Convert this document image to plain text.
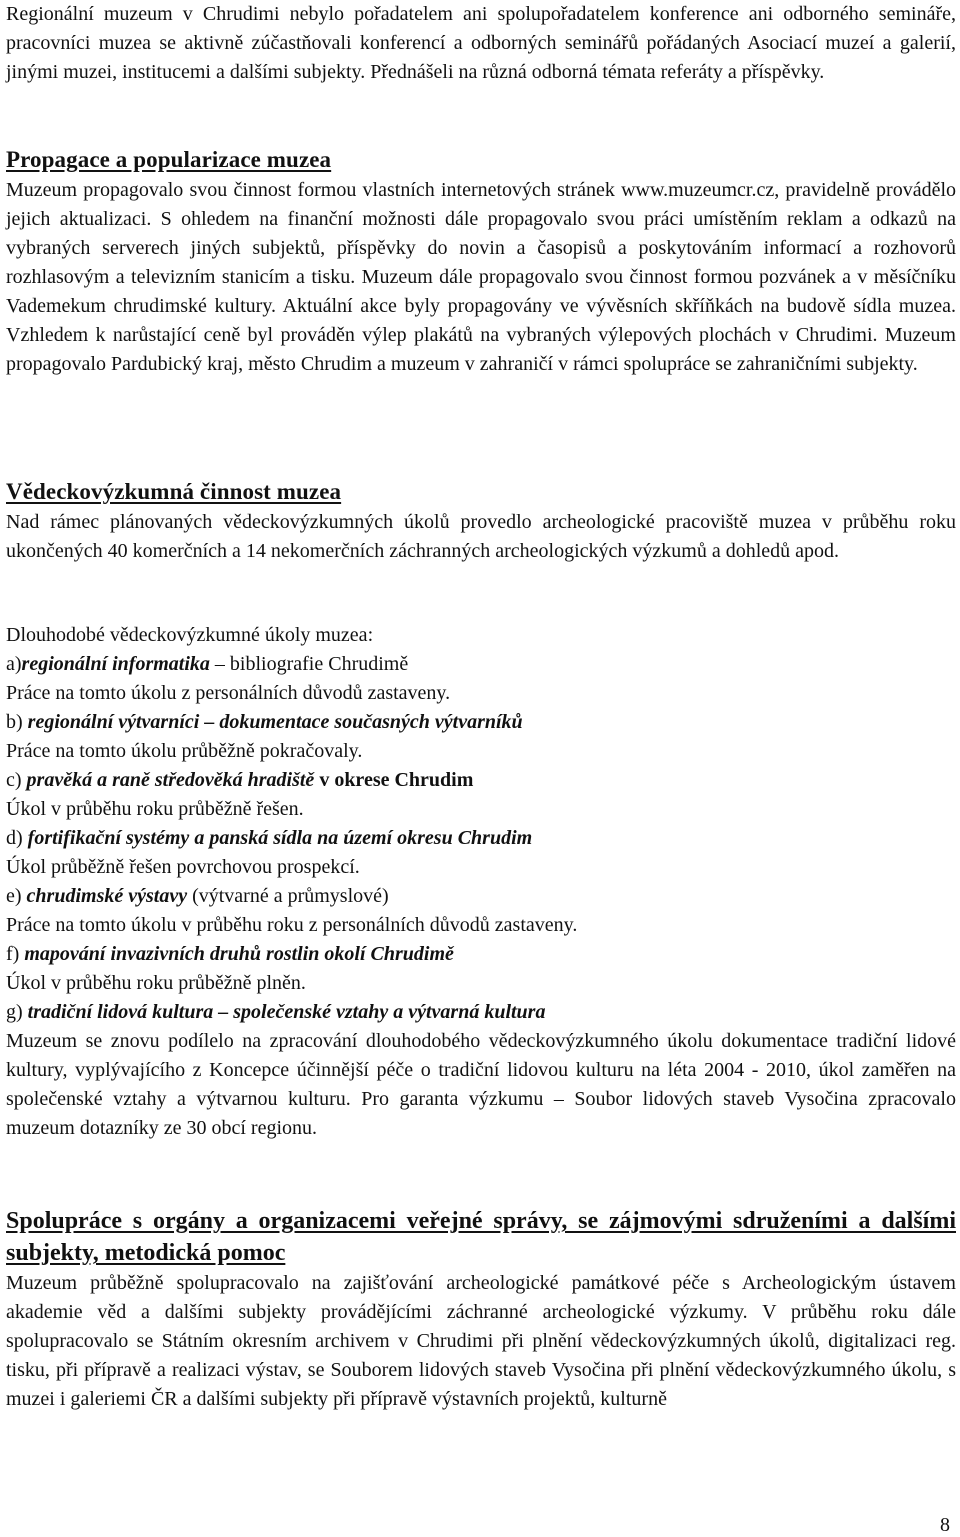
Regionální muzeum v Chrudimi nebylo pořadatelem ani spolupořadatelem konference ani odborného semináře, pracovníci muzea se aktivně zúčastňovali konferencí a odborných seminářů pořádaných Asociací muzeí a galerií, jinými muzei, institucemi a dalšími subjekty. Přednášeli na různá odborná témata referáty a příspěvky.

Propagace a popularizace muzea

Muzeum propagovalo svou činnost formou vlastních internetových stránek www.muzeumcr.cz, pravidelně provádělo jejich aktualizaci. S ohledem na finanční možnosti dále propagovalo svou práci umístěním reklam a odkazů na vybraných serverech jiných subjektů, příspěvky do novin a časopisů a poskytováním informací a rozhovorů rozhlasovým a televizním stanicím a tisku. Muzeum dále propagovalo svou činnost formou pozvánek a v měsíčníku Vademekum chrudimské kultury. Aktuální akce byly propagovány ve vývěsních skříňkách na budově sídla muzea. Vzhledem k narůstající ceně byl prováděn výlep plakátů na vybraných výlepových plochách v Chrudimi. Muzeum propagovalo Pardubický kraj, město Chrudim a muzeum v zahraničí v rámci spolupráce se zahraničními subjekty.

Vědeckovýzkumná činnost muzea

Nad rámec plánovaných vědeckovýzkumných úkolů provedlo archeologické pracoviště muzea v průběhu roku ukončených 40 komerčních a 14 nekomerčních záchranných archeologických výzkumů a dohledů apod.

Dlouhodobé vědeckovýzkumné úkoly muzea:
a)regionální informatika – bibliografie Chrudimě
Práce na tomto úkolu z personálních důvodů zastaveny.
b) regionální výtvarníci – dokumentace současných výtvarníků
Práce na tomto úkolu průběžně pokračovaly.
c) pravěká a raně středověká hradiště v okrese Chrudim
Úkol v průběhu roku průběžně řešen.
d) fortifikační systémy a panská sídla na území okresu Chrudim
Úkol průběžně řešen povrchovou prospekcí.
e) chrudimské výstavy (výtvarné a průmyslové)
Práce na tomto úkolu v průběhu roku z personálních důvodů zastaveny.
f) mapování invazivních druhů rostlin okolí Chrudimě
Úkol v průběhu roku průběžně plněn.
g) tradiční lidová kultura – společenské vztahy a výtvarná kultura

Muzeum se znovu podílelo na zpracování dlouhodobého vědeckovýzkumného úkolu dokumentace tradiční lidové kultury, vyplývajícího z Koncepce účinnější péče o tradiční lidovou kulturu na léta 2004 - 2010, úkol zaměřen na společenské vztahy a výtvarnou kulturu. Pro garanta výzkumu – Soubor lidových staveb Vysočina zpracovalo muzeum dotazníky ze 30 obcí regionu.

Spolupráce s orgány a organizacemi veřejné správy, se zájmovými sdruženími a dalšími subjekty, metodická pomoc

Muzeum průběžně spolupracovalo na zajišťování archeologické památkové péče s Archeologickým ústavem akademie věd a dalšími subjekty provádějícími záchranné archeologické výzkumy. V průběhu roku dále spolupracovalo se Státním okresním archivem v Chrudimi při plnění vědeckovýzkumných úkolů, digitalizaci reg. tisku, při přípravě a realizaci výstav, se Souborem lidových staveb Vysočina při plnění vědeckovýzkumného úkolu, s muzei i galeriemi ČR a dalšími subjekty při přípravě výstavních projektů, kulturně

8
